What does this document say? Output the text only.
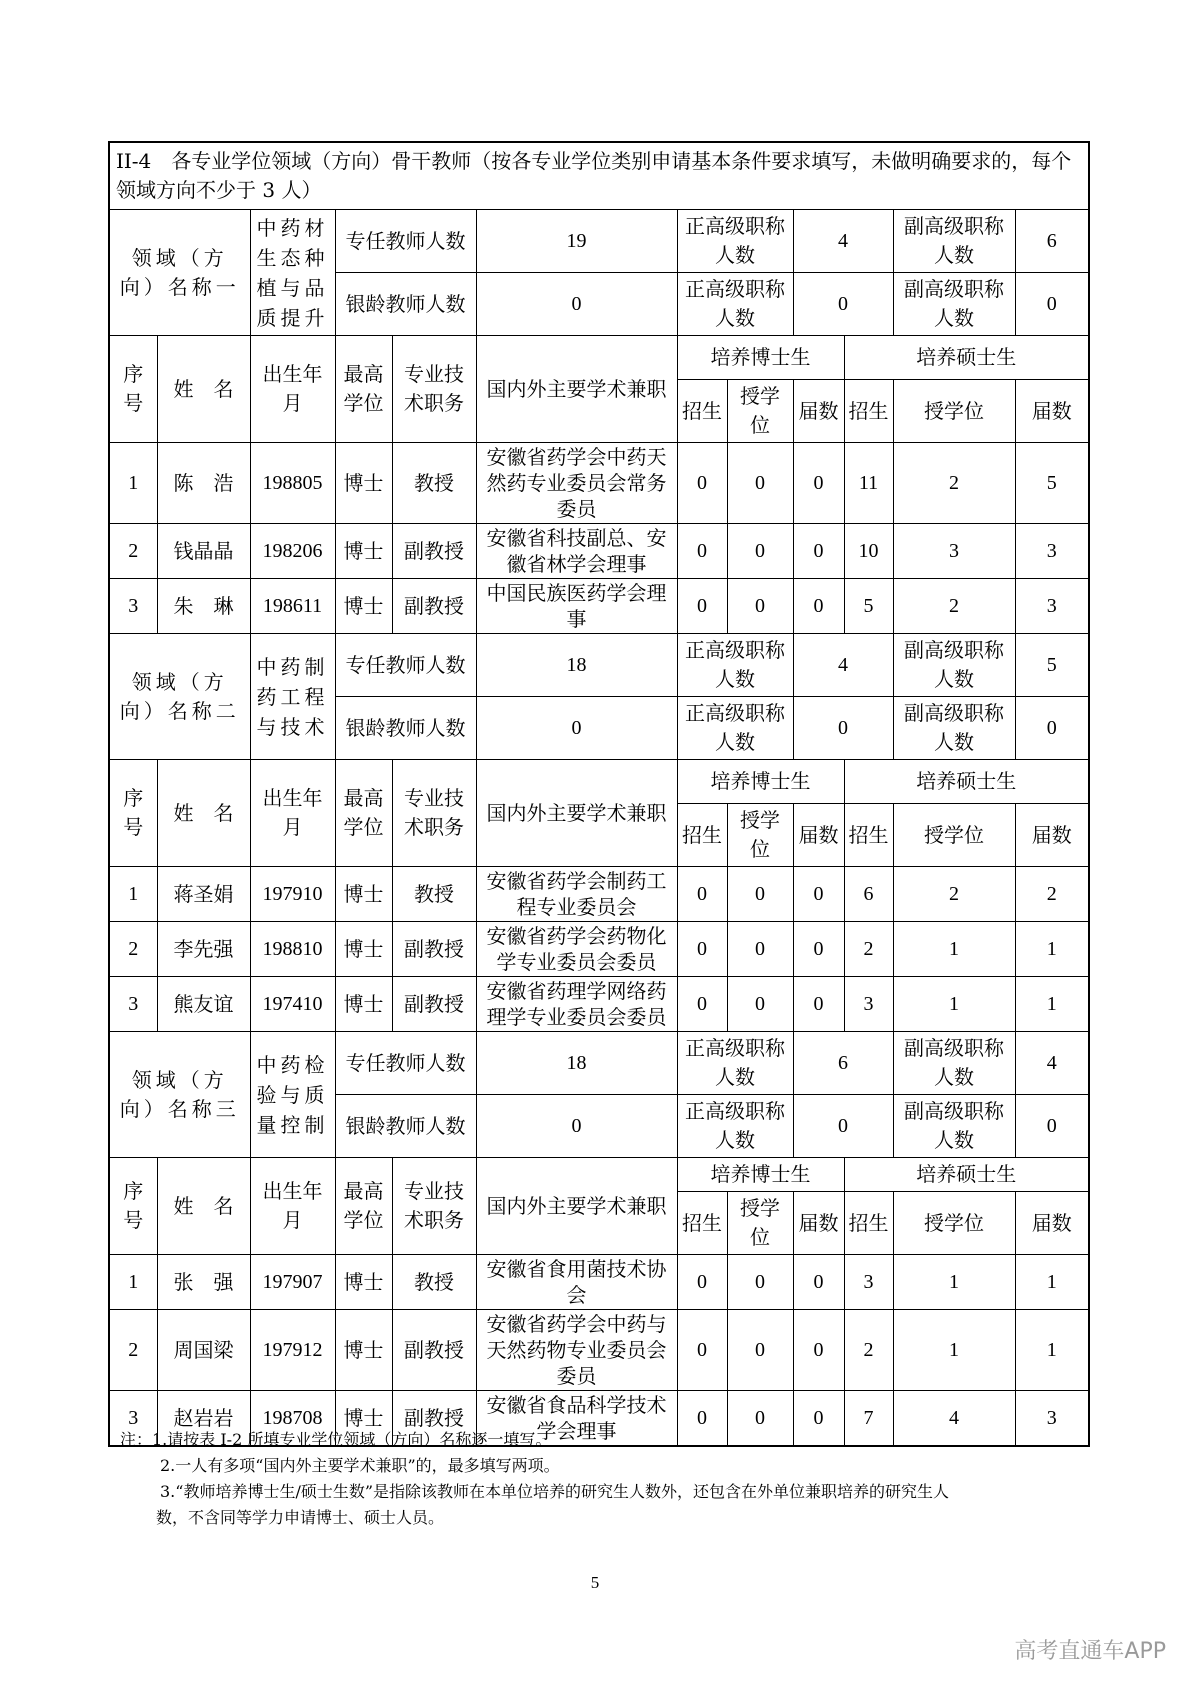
II-4　 各专业学位领域（方向）骨干教师（按各专业学位类别申请基本条件要求填写，未做明确要求的，每个领域方向不少于 3 人）											
领域（方向）名称一		中药材生态种植与品质提升	专任教师人数		19	正高级职称人数		4		副高级职称人数	6
			银龄教师人数		0	正高级职称人数		0		副高级职称人数	0
序号	姓　名	出生年月	最高学位	专业技术职务	国内外主要学术兼职	培养博士生			培养硕士生		
						招生	授学位	届数	招生	授学位	届数
1	陈　浩	198805	博士	教授	安徽省药学会中药天然药专业委员会常务委员	0	0	0	11	2	5
2	钱晶晶	198206	博士	副教授	安徽省科技副总、安徽省林学会理事	0	0	0	10	3	3
3	朱　琳	198611	博士	副教授	中国民族医药学会理事	0	0	0	5	2	3
领域（方向）名称二		中药制药工程与技术	专任教师人数		18	正高级职称人数		4		副高级职称人数	5
			银龄教师人数		0	正高级职称人数		0		副高级职称人数	0
序号	姓　名	出生年月	最高学位	专业技术职务	国内外主要学术兼职	培养博士生			培养硕士生		
						招生	授学位	届数	招生	授学位	届数
1	蒋圣娟	197910	博士	教授	安徽省药学会制药工程专业委员会	0	0	0	6	2	2
2	李先强	198810	博士	副教授	安徽省药学会药物化学专业委员会委员	0	0	0	2	1	1
3	熊友谊	197410	博士	副教授	安徽省药理学网络药理学专业委员会委员	0	0	0	3	1	1
领域（方向）名称三		中药检验与质量控制	专任教师人数		18	正高级职称人数		6		副高级职称人数	4
			银龄教师人数		0	正高级职称人数		0		副高级职称人数	0
序号	姓　名	出生年月	最高学位	专业技术职务	国内外主要学术兼职	培养博士生			培养硕士生		
						招生	授学位	届数	招生	授学位	届数
1	张　强	197907	博士	教授	安徽省食用菌技术协会	0	0	0	3	1	1
2	周国梁	197912	博士	副教授	安徽省药学会中药与天然药物专业委员会委员	0	0	0	2	1	1
3	赵岩岩	198708	博士	副教授	安徽省食品科学技术学会理事	0	0	0	7	4	3
注：1.请按表 I-2 所填专业学位领域（方向）名称逐一填写。
2.一人有多项“国内外主要学术兼职”的，最多填写两项。
3.“教师培养博士生/硕士生数”是指除该教师在本单位培养的研究生人数外，还包含在外单位兼职培养的研究生人
数，不含同等学力申请博士、硕士人员。
5
高考直通车APP
